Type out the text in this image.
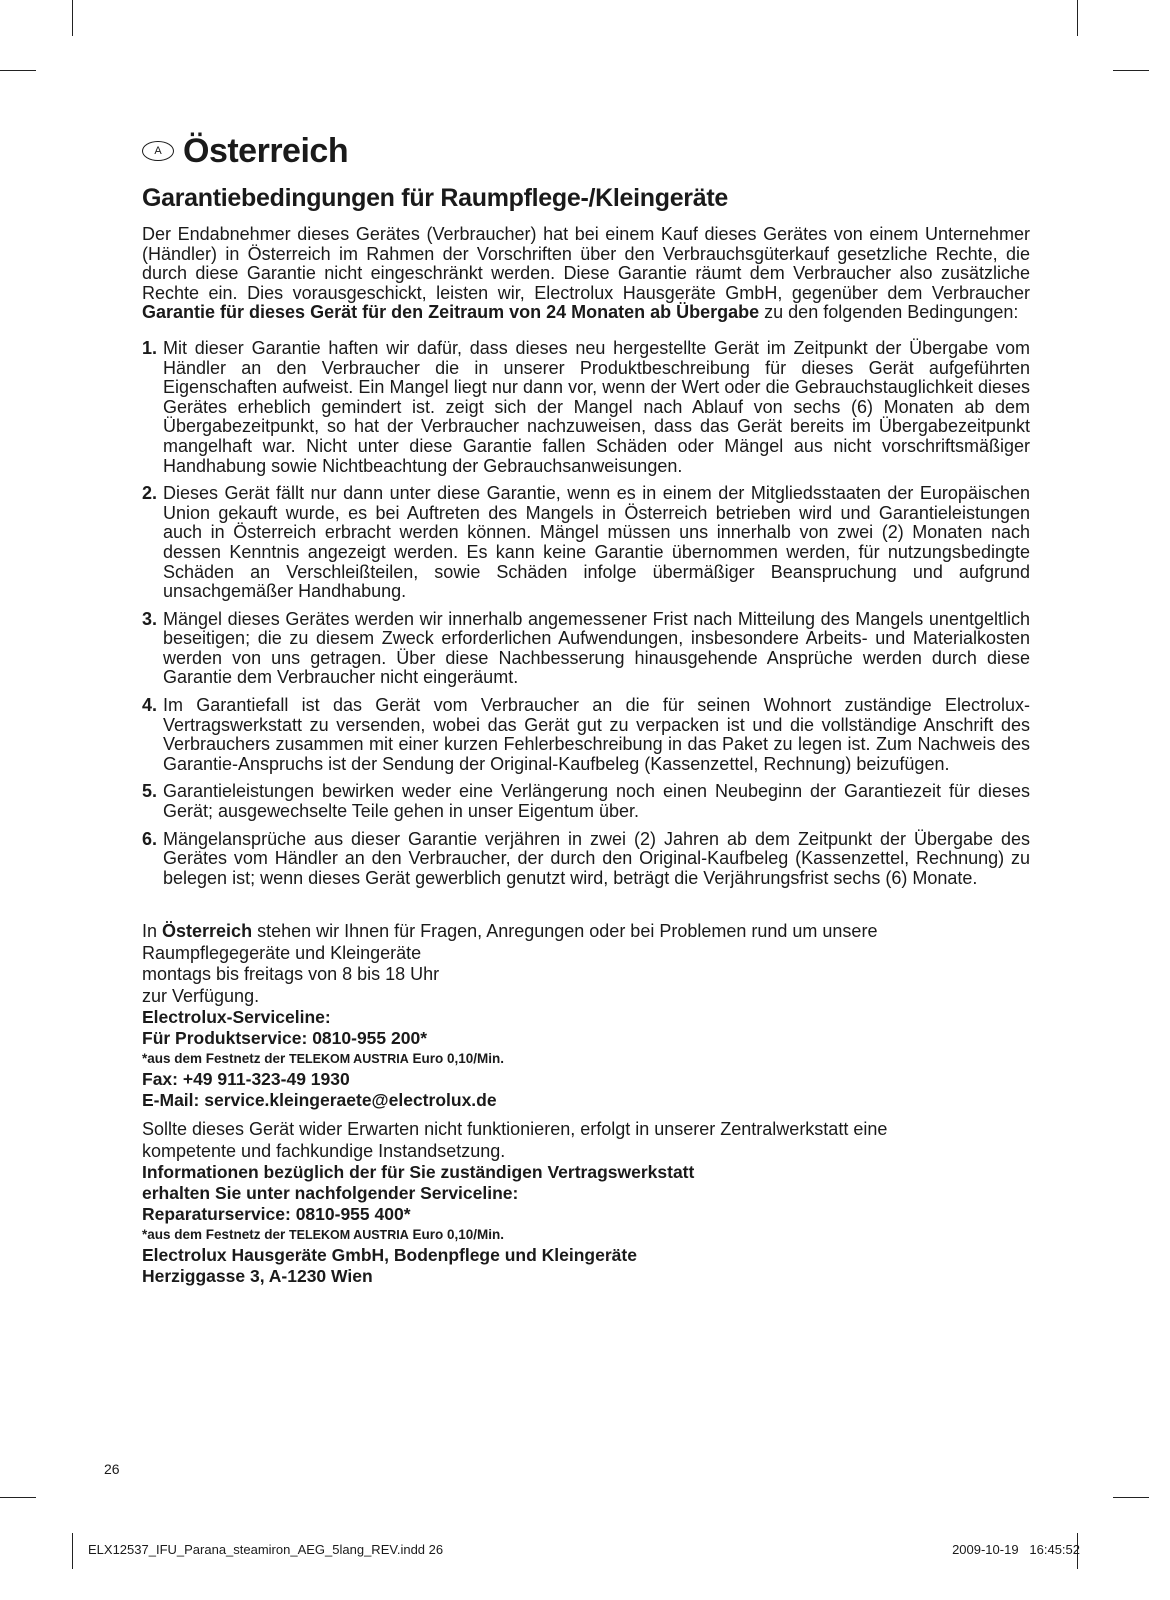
A Österreich
Garantiebedingungen für Raumpflege-/Kleingeräte

Der Endabnehmer dieses Gerätes (Verbraucher) hat bei einem Kauf dieses Gerätes von einem Unternehmer (Händler) in Österreich im Rahmen der Vorschriften über den Verbrauchsgüterkauf gesetzliche Rechte, die durch diese Garantie nicht eingeschränkt werden. Diese Garantie räumt dem Verbraucher also zusätzliche Rechte ein. Dies vorausgeschickt, leisten wir, Electrolux Hausgeräte GmbH, gegenüber dem Verbraucher Garantie für dieses Gerät für den Zeitraum von 24 Monaten ab Übergabe zu den folgenden Bedingungen:

1. Mit dieser Garantie haften wir dafür, dass dieses neu hergestellte Gerät im Zeitpunkt der Übergabe vom Händler an den Verbraucher die in unserer Produktbeschreibung für dieses Gerät aufgeführten Eigenschaften aufweist. Ein Mangel liegt nur dann vor, wenn der Wert oder die Gebrauchstauglichkeit dieses Gerätes erheblich gemindert ist. zeigt sich der Mangel nach Ablauf von sechs (6) Monaten ab dem Übergabezeitpunkt, so hat der Verbraucher nachzuweisen, dass das Gerät bereits im Übergabezeitpunkt mangelhaft war. Nicht unter diese Garantie fallen Schäden oder Mängel aus nicht vorschriftsmäßiger Handhabung sowie Nichtbeachtung der Gebrauchsanweisungen.

2. Dieses Gerät fällt nur dann unter diese Garantie, wenn es in einem der Mitgliedsstaaten der Europäischen Union gekauft wurde, es bei Auftreten des Mangels in Österreich betrieben wird und Garantieleistungen auch in Österreich erbracht werden können. Mängel müssen uns innerhalb von zwei (2) Monaten nach dessen Kenntnis angezeigt werden. Es kann keine Garantie übernommen werden, für nutzungsbedingte Schäden an Verschleißteilen, sowie Schäden infolge übermäßiger Beanspruchung und aufgrund unsachgemäßer Handhabung.

3. Mängel dieses Gerätes werden wir innerhalb angemessener Frist nach Mitteilung des Mangels unentgeltlich beseitigen; die zu diesem Zweck erforderlichen Aufwendungen, insbesondere Arbeits- und Materialkosten werden von uns getragen. Über diese Nachbesserung hinausgehende Ansprüche werden durch diese Garantie dem Verbraucher nicht eingeräumt.

4. Im Garantiefall ist das Gerät vom Verbraucher an die für seinen Wohnort zuständige Electrolux-Vertragswerkstatt zu versenden, wobei das Gerät gut zu verpacken ist und die vollständige Anschrift des Verbrauchers zusammen mit einer kurzen Fehlerbeschreibung in das Paket zu legen ist. Zum Nachweis des Garantie-Anspruchs ist der Sendung der Original-Kaufbeleg (Kassenzettel, Rechnung) beizufügen.

5. Garantieleistungen bewirken weder eine Verlängerung noch einen Neubeginn der Garantiezeit für dieses Gerät; ausgewechselte Teile gehen in unser Eigentum über.

6. Mängelansprüche aus dieser Garantie verjähren in zwei (2) Jahren ab dem Zeitpunkt der Übergabe des Gerätes vom Händler an den Verbraucher, der durch den Original-Kaufbeleg (Kassenzettel, Rechnung) zu belegen ist; wenn dieses Gerät gewerblich genutzt wird, beträgt die Verjährungsfrist sechs (6) Monate.

In Österreich stehen wir Ihnen für Fragen, Anregungen oder bei Problemen rund um unsere

Raumpflegegeräte und Kleingeräte

montags bis freitags von 8 bis 18 Uhr

zur Verfügung.

Electrolux-Serviceline:

Für Produktservice: 0810-955 200*

*aus dem Festnetz der TELEKOM AUSTRIA Euro 0,10/Min.

Fax: +49 911-323-49 1930

E-Mail: service.kleingeraete@electrolux.de

Sollte dieses Gerät wider Erwarten nicht funktionieren, erfolgt in unserer Zentralwerkstatt eine

kompetente und fachkundige Instandsetzung.

Informationen bezüglich der für Sie zuständigen Vertragswerkstatt

erhalten Sie unter nachfolgender Serviceline:

Reparaturservice: 0810-955 400*

*aus dem Festnetz der TELEKOM AUSTRIA Euro 0,10/Min.

Electrolux Hausgeräte GmbH, Bodenpflege und Kleingeräte

Herziggasse 3, A-1230 Wien

26
ELX12537_IFU_Parana_steamiron_AEG_5lang_REV.indd 26	2009-10-19   16:45:52
